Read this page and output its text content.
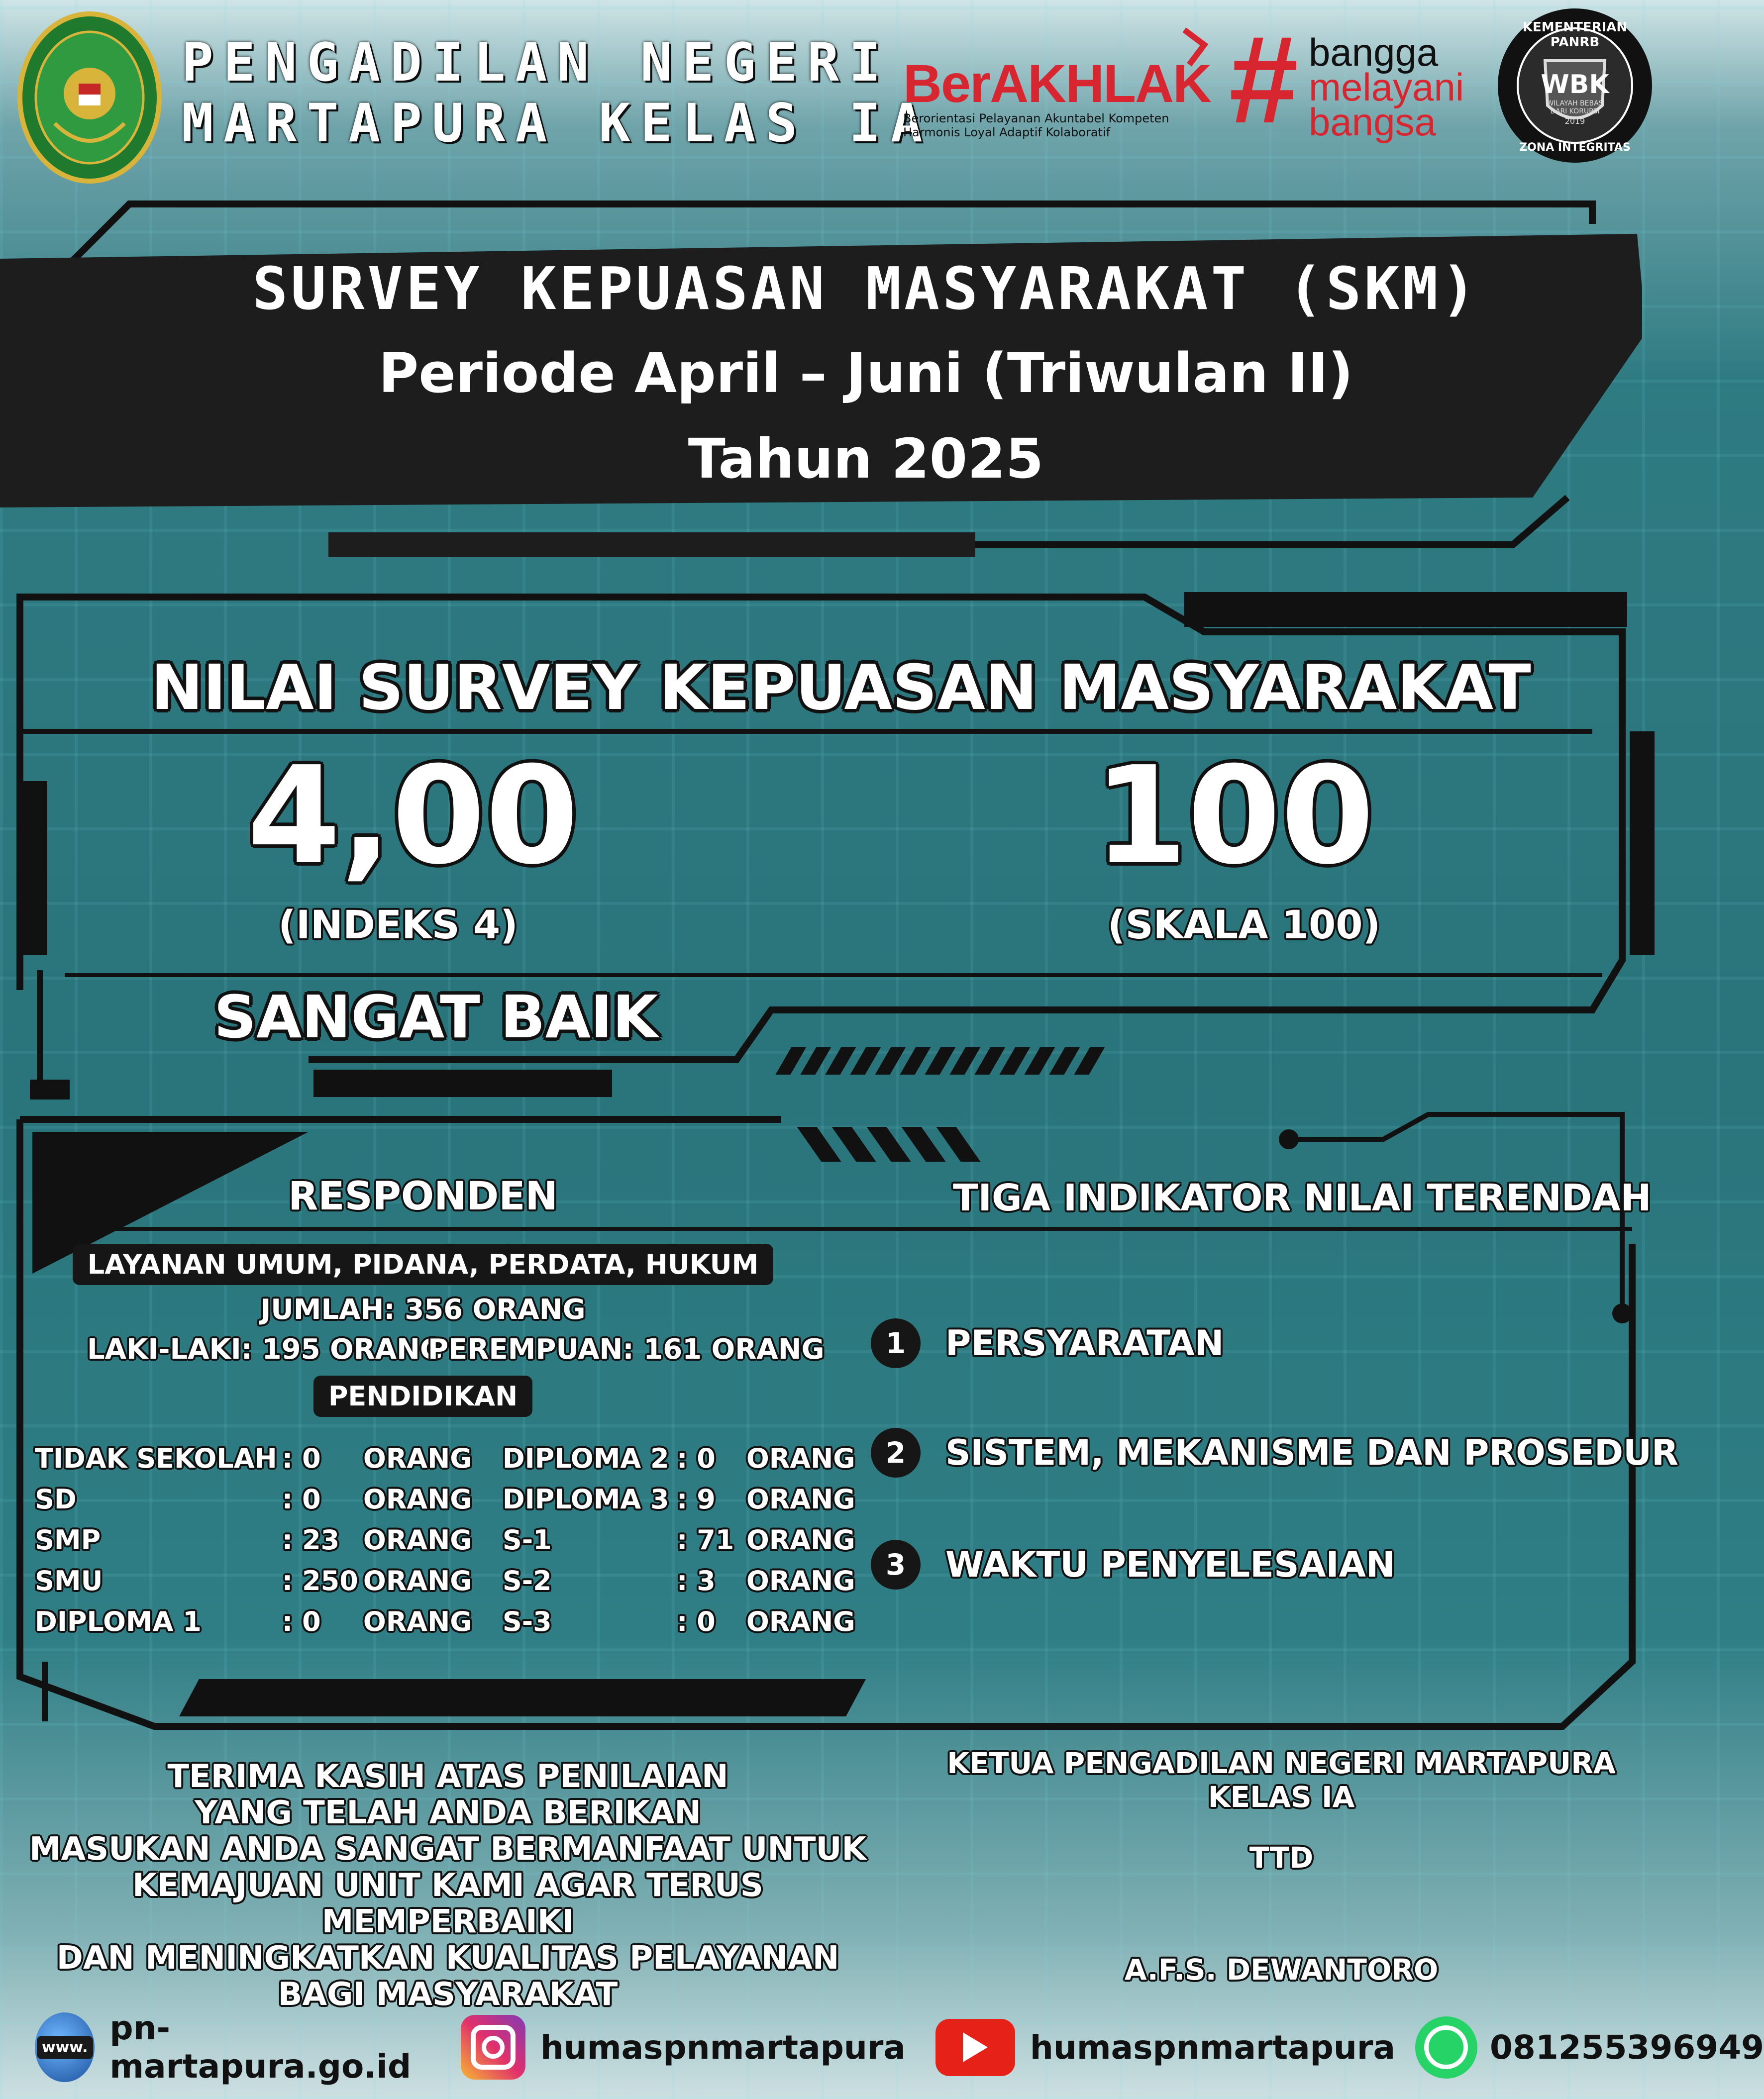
PENGADILAN NEGERI
MARTAPURA KELAS IA
BerAKHLAK
Berorientasi Pelayanan Akuntabel Kompeten
Harmonis Loyal Adaptif Kolaboratif # bangga
melayani
bangsa
KEMENTERIAN PANRB
WBK
WILAYAH BEBAS
DARI KORUPSI
2019
ZONA INTEGRITAS
SURVEY KEPUASAN MASYARAKAT (SKM)
Periode April – Juni (Triwulan II)
Tahun 2025
NILAI SURVEY KEPUASAN MASYARAKAT
4,00
(INDEKS 4)
100
(SKALA 100)
SANGAT BAIK
RESPONDEN
LAYANAN UMUM, PIDANA, PERDATA, HUKUM
JUMLAH: 356 ORANG
LAKI-LAKI: 195 ORANG
PEREMPUAN: 161 ORANG
PENDIDIKAN
TIDAK SEKOLAH	: 0	ORANG	DIPLOMA 2	: 0	ORANG
SD	: 0	ORANG	DIPLOMA 3	: 9	ORANG
SMP	: 23	ORANG	S-1	: 71	ORANG
SMU	: 250	ORANG	S-2	: 3	ORANG
DIPLOMA 1	: 0	ORANG	S-3	: 0	ORANG
TIGA INDIKATOR NILAI TERENDAH
1	PERSYARATAN
2	SISTEM, MEKANISME DAN PROSEDUR
3	WAKTU PENYELESAIAN
TERIMA KASIH ATAS PENILAIAN
YANG TELAH ANDA BERIKAN
MASUKAN ANDA SANGAT BERMANFAAT UNTUK
KEMAJUAN UNIT KAMI AGAR TERUS MEMPERBAIKI
DAN MENINGKATKAN KUALITAS PELAYANAN
BAGI MASYARAKAT
KETUA PENGADILAN NEGERI MARTAPURA KELAS IA
TTD
A.F.S. DEWANTORO
www. pn-martapura.go.id	humaspnmartapura	humaspnmartapura	081255396949
